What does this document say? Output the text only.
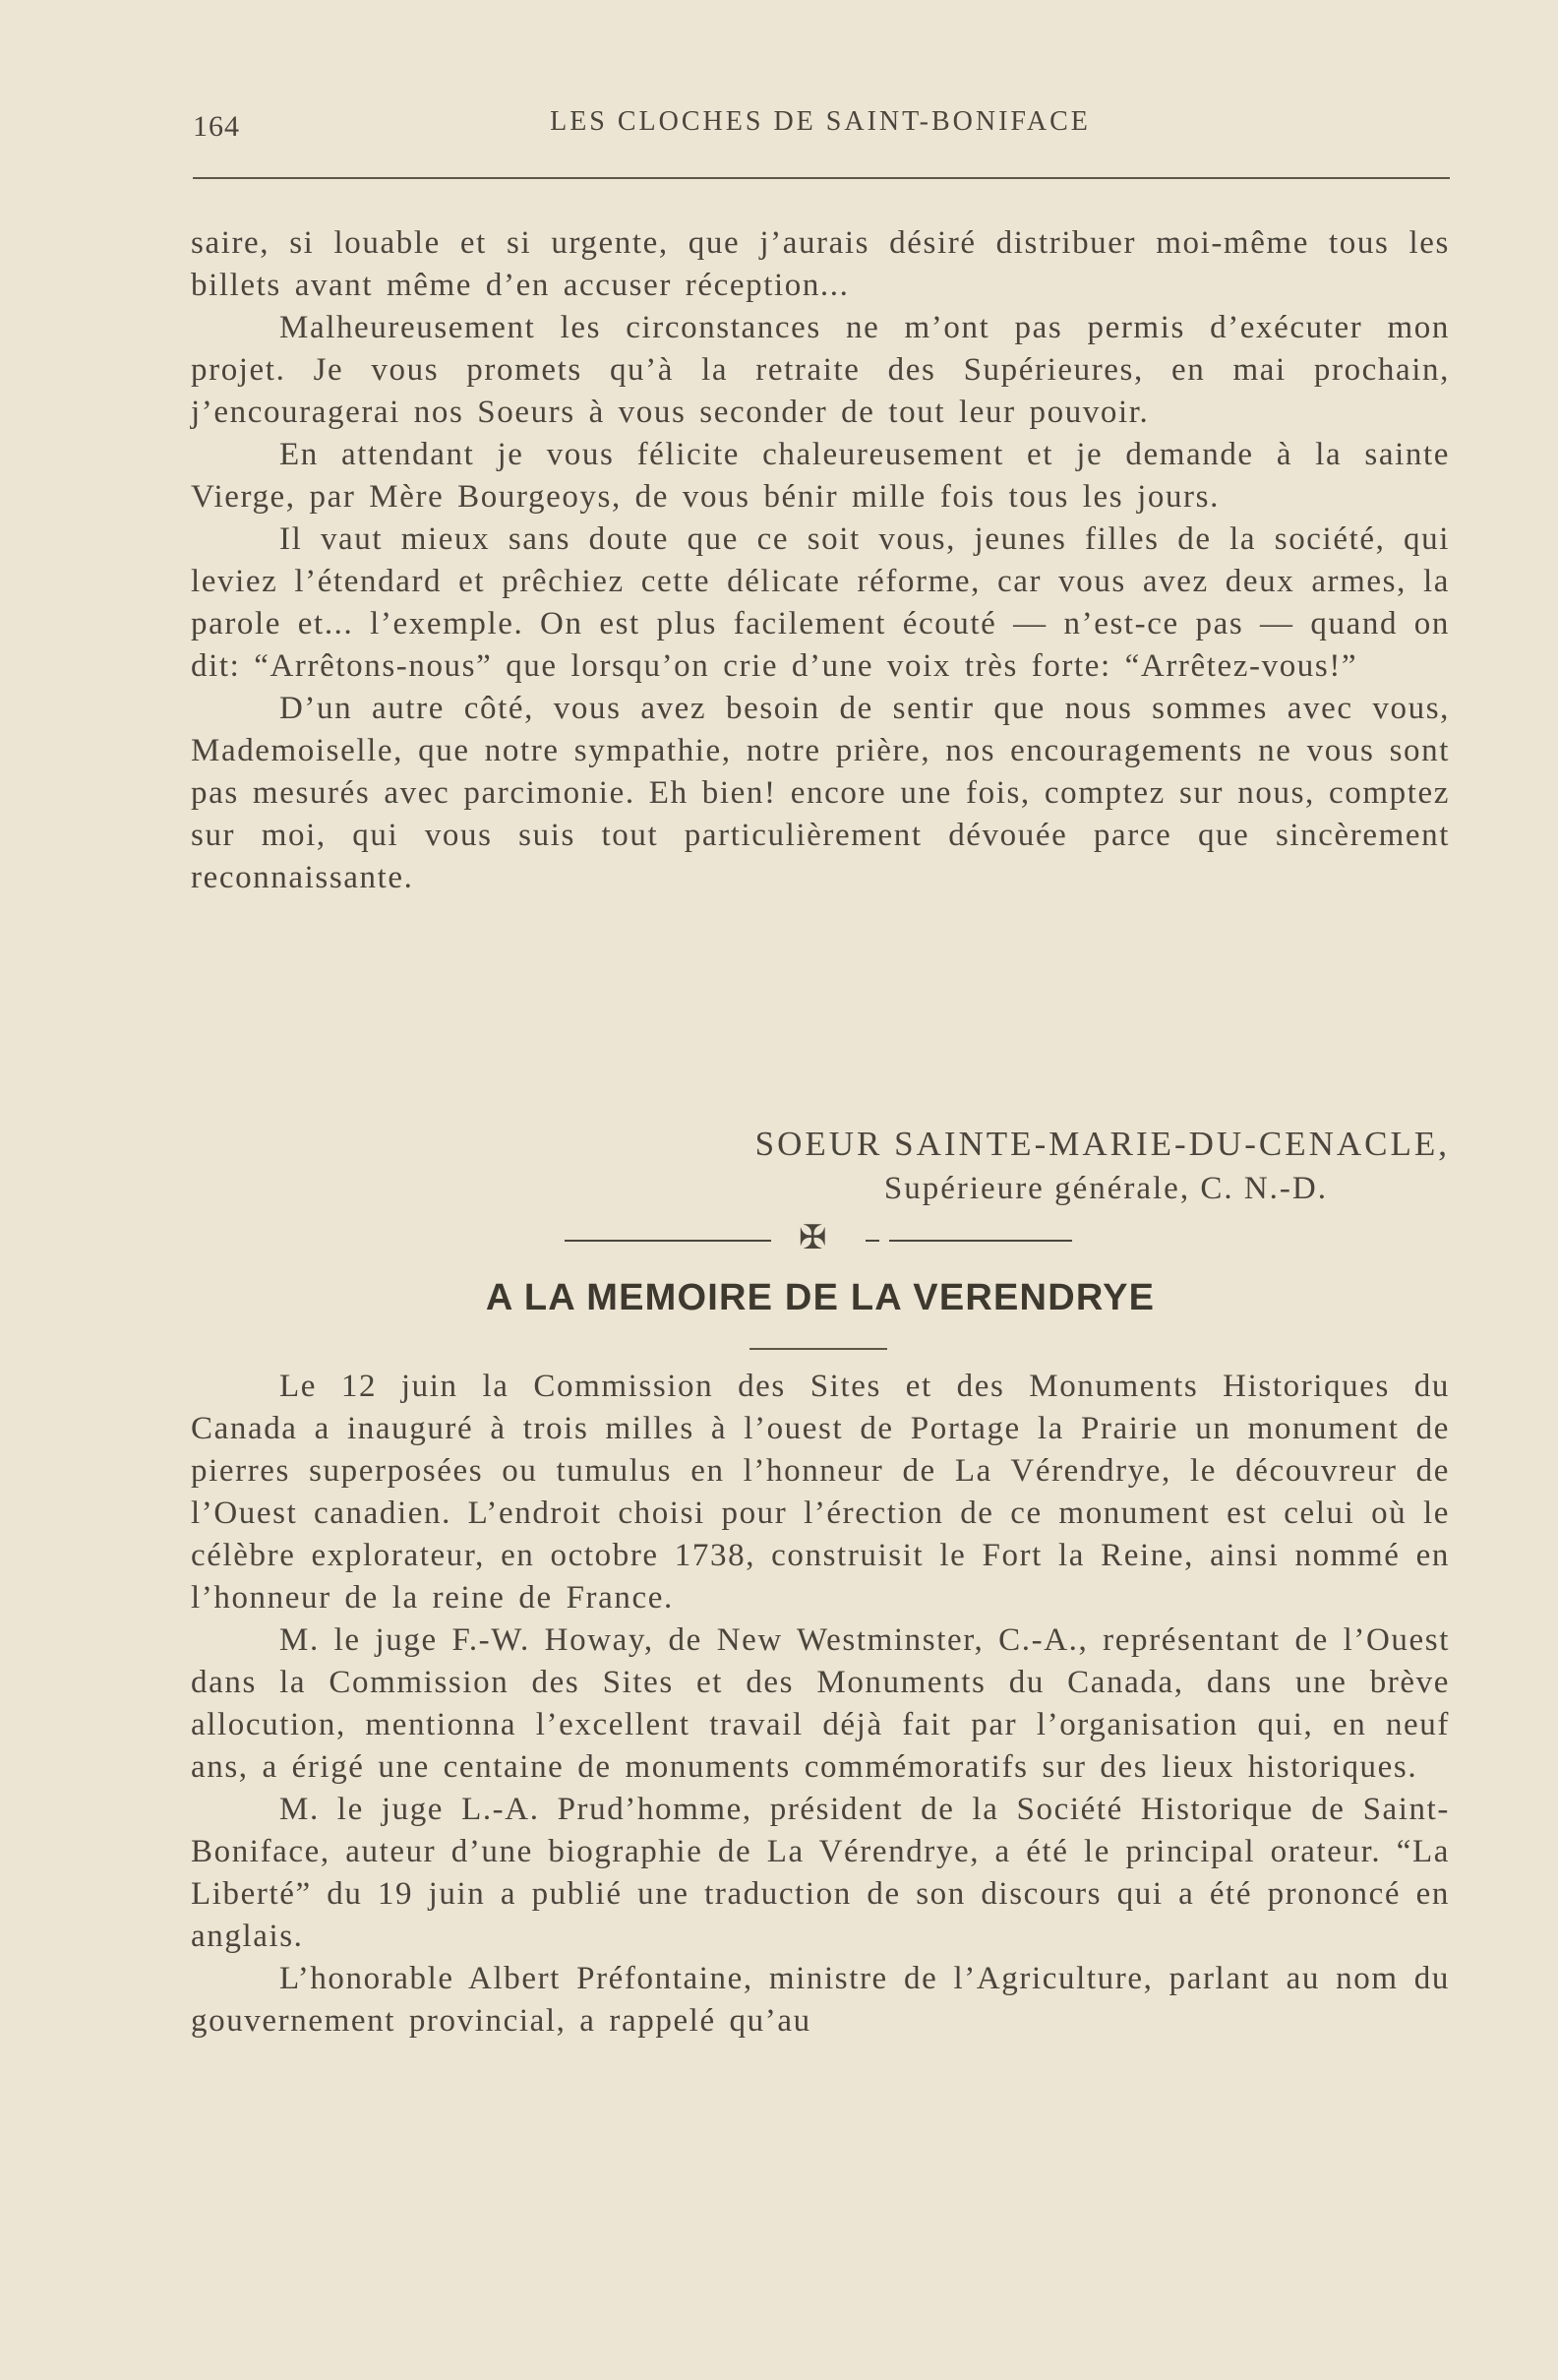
164	LES CLOCHES DE SAINT-BONIFACE

saire, si louable et si urgente, que j’aurais désiré distribuer moi-même tous les billets avant même d’en accuser réception...

Malheureusement les circonstances ne m’ont pas permis d’exécuter mon projet. Je vous promets qu’à la retraite des Supérieures, en mai prochain, j’encouragerai nos Soeurs à vous seconder de tout leur pouvoir.

En attendant je vous félicite chaleureusement et je demande à la sainte Vierge, par Mère Bourgeoys, de vous bénir mille fois tous les jours.

Il vaut mieux sans doute que ce soit vous, jeunes filles de la société, qui leviez l’étendard et prêchiez cette délicate réforme, car vous avez deux armes, la parole et... l’exemple. On est plus facilement écouté — n’est-ce pas — quand on dit: “Arrêtons-nous” que lorsqu’on crie d’une voix très forte: “Arrêtez-vous!”

D’un autre côté, vous avez besoin de sentir que nous sommes avec vous, Mademoiselle, que notre sympathie, notre prière, nos encouragements ne vous sont pas mesurés avec parcimonie. Eh bien! encore une fois, comptez sur nous, comptez sur moi, qui vous suis tout particulièrement dévouée parce que sincèrement reconnaissante.

SOEUR SAINTE-MARIE-DU-CENACLE,
Supérieure générale, C. N.-D.
✠
A LA MEMOIRE DE LA VERENDRYE

Le 12 juin la Commission des Sites et des Monuments Historiques du Canada a inauguré à trois milles à l’ouest de Portage la Prairie un monument de pierres superposées ou tumulus en l’honneur de La Vérendrye, le découvreur de l’Ouest canadien. L’endroit choisi pour l’érection de ce monument est celui où le célèbre explorateur, en octobre 1738, construisit le Fort la Reine, ainsi nommé en l’honneur de la reine de France.

M. le juge F.-W. Howay, de New Westminster, C.-A., représentant de l’Ouest dans la Commission des Sites et des Monuments du Canada, dans une brève allocution, mentionna l’excellent travail déjà fait par l’organisation qui, en neuf ans, a érigé une centaine de monuments commémoratifs sur des lieux historiques.

M. le juge L.-A. Prud’homme, président de la Société Historique de Saint-Boniface, auteur d’une biographie de La Vérendrye, a été le principal orateur. “La Liberté” du 19 juin a publié une traduction de son discours qui a été prononcé en anglais.

L’honorable Albert Préfontaine, ministre de l’Agriculture, parlant au nom du gouvernement provincial, a rappelé qu’au
